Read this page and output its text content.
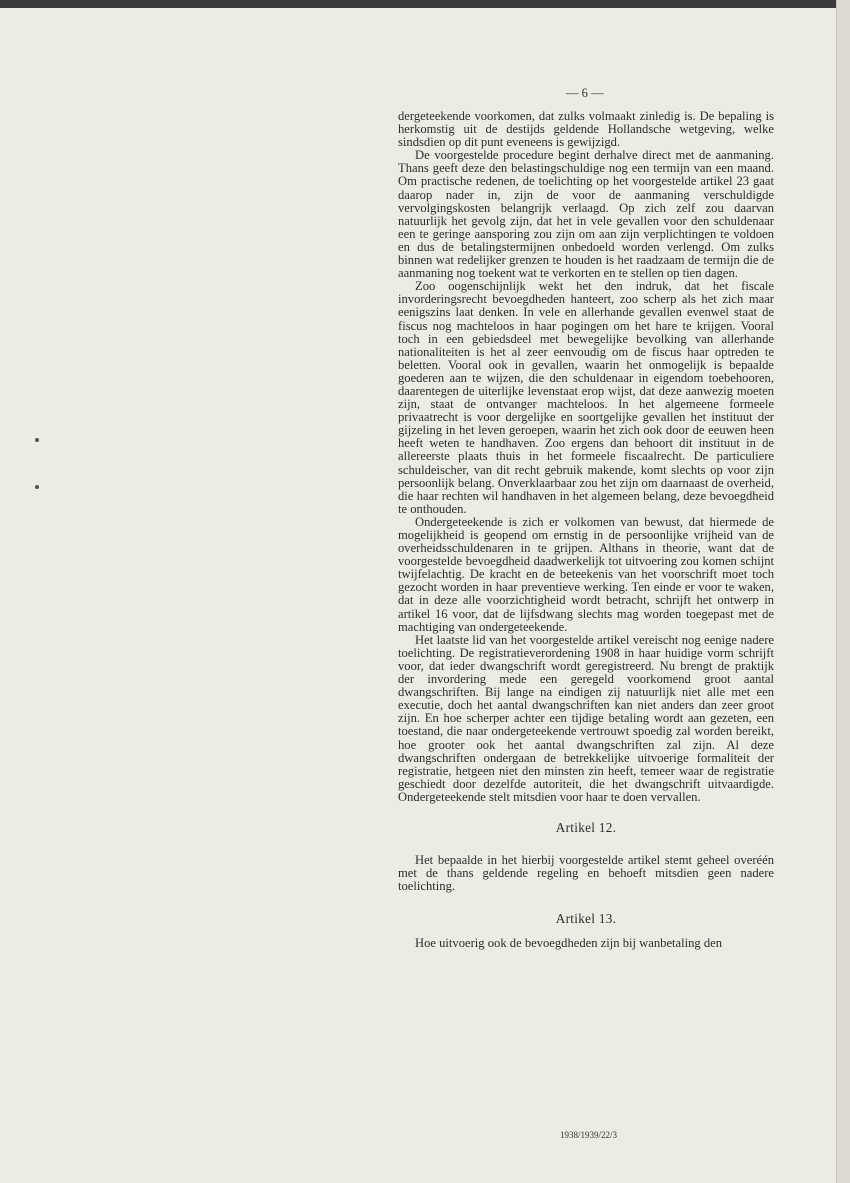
— 6 —

dergeteekende voorkomen, dat zulks volmaakt zinledig is. De bepaling is herkomstig uit de destijds geldende Hollandsche wetgeving, welke sindsdien op dit punt eveneens is gewijzigd.

De voorgestelde procedure begint derhalve direct met de aanmaning. Thans geeft deze den belastingschuldige nog een termijn van een maand. Om practische redenen, de toelichting op het voorgestelde artikel 23 gaat daarop nader in, zijn de voor de aanmaning verschuldigde vervolgingskosten belangrijk verlaagd. Op zich zelf zou daarvan natuurlijk het gevolg zijn, dat het in vele gevallen voor den schuldenaar een te geringe aansporing zou zijn om aan zijn verplichtingen te voldoen en dus de betalingstermijnen onbedoeld worden verlengd. Om zulks binnen wat redelijker grenzen te houden is het raadzaam de termijn die de aanmaning nog toekent wat te verkorten en te stellen op tien dagen.

Zoo oogenschijnlijk wekt het den indruk, dat het fiscale invorderingsrecht bevoegdheden hanteert, zoo scherp als het zich maar eenigszins laat denken. In vele en allerhande gevallen evenwel staat de fiscus nog machteloos in haar pogingen om het hare te krijgen. Vooral toch in een gebiedsdeel met bewegelijke bevolking van allerhande nationaliteiten is het al zeer eenvoudig om de fiscus haar optreden te beletten. Vooral ook in gevallen, waarin het onmogelijk is bepaalde goederen aan te wijzen, die den schuldenaar in eigendom toebehooren, daarentegen de uiterlijke levenstaat erop wijst, dat deze aanwezig moeten zijn, staat de ontvanger machteloos. In het algemeene formeele privaatrecht is voor dergelijke en soortgelijke gevallen het instituut der gijzeling in het leven geroepen, waarin het zich ook door de eeuwen heen heeft weten te handhaven. Zoo ergens dan behoort dit instituut in de allereerste plaats thuis in het formeele fiscaalrecht. De particuliere schuldeischer, van dit recht gebruik makende, komt slechts op voor zijn persoonlijk belang. Onverklaarbaar zou het zijn om daarnaast de overheid, die haar rechten wil handhaven in het algemeen belang, deze bevoegdheid te onthouden.

Ondergeteekende is zich er volkomen van bewust, dat hiermede de mogelijkheid is geopend om ernstig in de persoonlijke vrijheid van de overheidsschuldenaren in te grijpen. Althans in theorie, want dat de voorgestelde bevoegdheid daadwerkelijk tot uitvoering zou komen schijnt twijfelachtig. De kracht en de beteekenis van het voorschrift moet toch gezocht worden in haar preventieve werking. Ten einde er voor te waken, dat in deze alle voorzichtigheid wordt betracht, schrijft het ontwerp in artikel 16 voor, dat de lijfsdwang slechts mag worden toegepast met de machtiging van ondergeteekende.

Het laatste lid van het voorgestelde artikel vereischt nog eenige nadere toelichting. De registratieverordening 1908 in haar huidige vorm schrijft voor, dat ieder dwangschrift wordt geregistreerd. Nu brengt de praktijk der invordering mede een geregeld voorkomend groot aantal dwangschriften. Bij lange na eindigen zij natuurlijk niet alle met een executie, doch het aantal dwangschriften kan niet anders dan zeer groot zijn. En hoe scherper achter een tijdige betaling wordt aan gezeten, een toestand, die naar ondergeteekende vertrouwt spoedig zal worden bereikt, hoe grooter ook het aantal dwangschriften zal zijn. Al deze dwangschriften ondergaan de betrekkelijke uitvoerige formaliteit der registratie, hetgeen niet den minsten zin heeft, temeer waar de registratie geschiedt door dezelfde autoriteit, die het dwangschrift uitvaardigde. Ondergeteekende stelt mitsdien voor haar te doen vervallen.

Artikel 12.

Het bepaalde in het hierbij voorgestelde artikel stemt geheel overéén met de thans geldende regeling en behoeft mitsdien geen nadere toelichting.

Artikel 13.

Hoe uitvoerig ook de bevoegdheden zijn bij wanbetaling den

1938/1939/22/3
